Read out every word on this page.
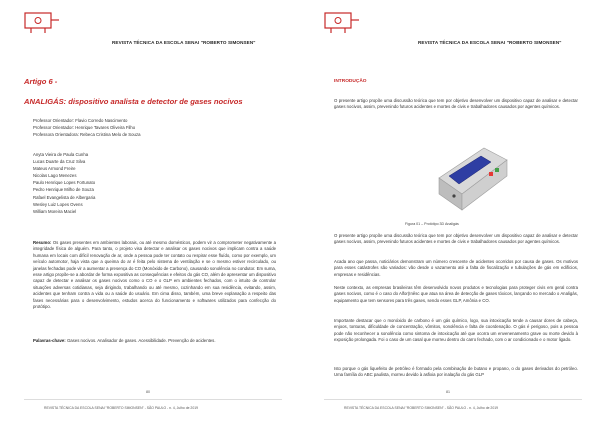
REVISTA TÉCNICA DA ESCOLA SENAI "ROBERTO SIMONSEN"
Artigo 6 -
ANALIGÁS: dispositivo analista e detector de gases nocivos
Professor Orientador: Flavio Corredo Nascimento
Professor Orientador: Henrique Tavares Oliveira Filho
Professora Orientadora: Rebeca Cristina Melo de Souza
Anyta Vieira de Paula Cunha
Lucas Duarte da Cruz Silva
Mateus Armond Freire
Nicolas Lago Menezes
Paulo Henrique Lopes Fortunato
Pedro Henrique Milho de Souza
Rafael Evangelista de Albergaria
Wesley Luiz Lopes Ovens
William Moreira Maciel
Resumo: Os gases presentes em ambientes laborais, ou até mesmo domésticos, podem vir a comprometer negativamente a integridade física de alguém. Para tanto, o projeto visa detectar e analisar os gases nocivos que implicam contra a saúde humana em locais com dificil renovação de ar, onde a pessoa pode ter contato ou respirar esse fluído, como por exemplo, um veículo automotor, haja vista que a queima do ar é feita pelo sistema de ventilação e se o mesmo estiver recirculado, ou janelas fechadas pode vir a aumentar a presença do CO (Monóxido de Carbono), causando sonolência no condutor. Em suma, esse artigo propõe-se a abordar de forma expositiva as consequências e efeitos do gás CO, além de apresentar um dispositivo capaz de detectar e analisar os gases nocivos como o CO e o GLP em ambientes fechados, com o intuito de controlar situações adversas cotidianas, seja dirigindo, trabalhando ou até mesmo, cozinhando em sua residência, evitando, assim, acidentes que tenham contra a vida ou a saúde do usuário. Em cima disso, também, uma breve explanação a respeito das fases necessárias para o desenvolvimento, estudos acerca do funcionamento e softwares utilizados para confecção do protótipo.
Palavras-chave: Gases nocivos. Analisador de gases. Acessibilidade. Prevenção de acidentes.
80
REVISTA TÉCNICA DA ESCOLA SENAI "ROBERTO SIMONSEN" - SÃO PAULO - n. 4, Julho de 2019
REVISTA TÉCNICA DA ESCOLA SENAI "ROBERTO SIMONSEN"
INTRODUÇÃO
O presente artigo propõe uma discussão teórica que tem por objetivo desenvolver um dispositivo capaz de analisar e detectar gases nocivos, assim, prevenindo futuros acidentes e mortes de civis e trabalhadores causados por agentes químicos.
Figura 01 – Protótipo 3D Analigás
O presente artigo propõe uma discussão teórica que tem por objetivo desenvolver um dispositivo capaz de analisar e detectar gases nocivos, assim, prevenindo futuros acidentes e mortes de civis e trabalhadores causados por agentes químicos.
Acada ano que passa, noticiários demonstram um número crescente de acidentes ocorridos por causa de gases. Os motivos para esses catástrofes são variados: vão desde o vazamento até a falta de fiscalização e tubulações de gás em edifícios, empresas e residências.
Neste contexto, as empresas brasileiras têm desenvolvido novos produtos e tecnologias para proteger civis em geral contra gases nocivos, como é o caso do Alfor(Inêsc que atua na área de detecção de gases tóxicos, lançando no mercado o Analigás, equipamento que tem sensores para três gases, sendo esses GLP, Amônia e CO.
Importante destacar que o monóxido de carbono é um gás químico, logo, sua intoxicação tende a causar dores de cabeça, enjoos, tonturas, dificuldade de concentração, vômitos, sonolência e falta de coordenação. O gás é perigoso, pois a pessoa pode não reconhecer a sonolência como sintoma de intoxicação até que ocorra um envenenamento grave ou morte devido à exposição prolongada. Foi o caso de um casal que morreu dentro do carro fechado, com o ar condicionado e o motor ligado.
Isto porque o gás liquefeito de petróleo é formado pela combinação de butano e propano, o do gases derivados do petróleo. Uma família do ABC paulista, morreu devido à asfixia por inalação do gás GLP
81
REVISTA TÉCNICA DA ESCOLA SENAI "ROBERTO SIMONSEN" - SÃO PAULO - n. 4, Julho de 2019
